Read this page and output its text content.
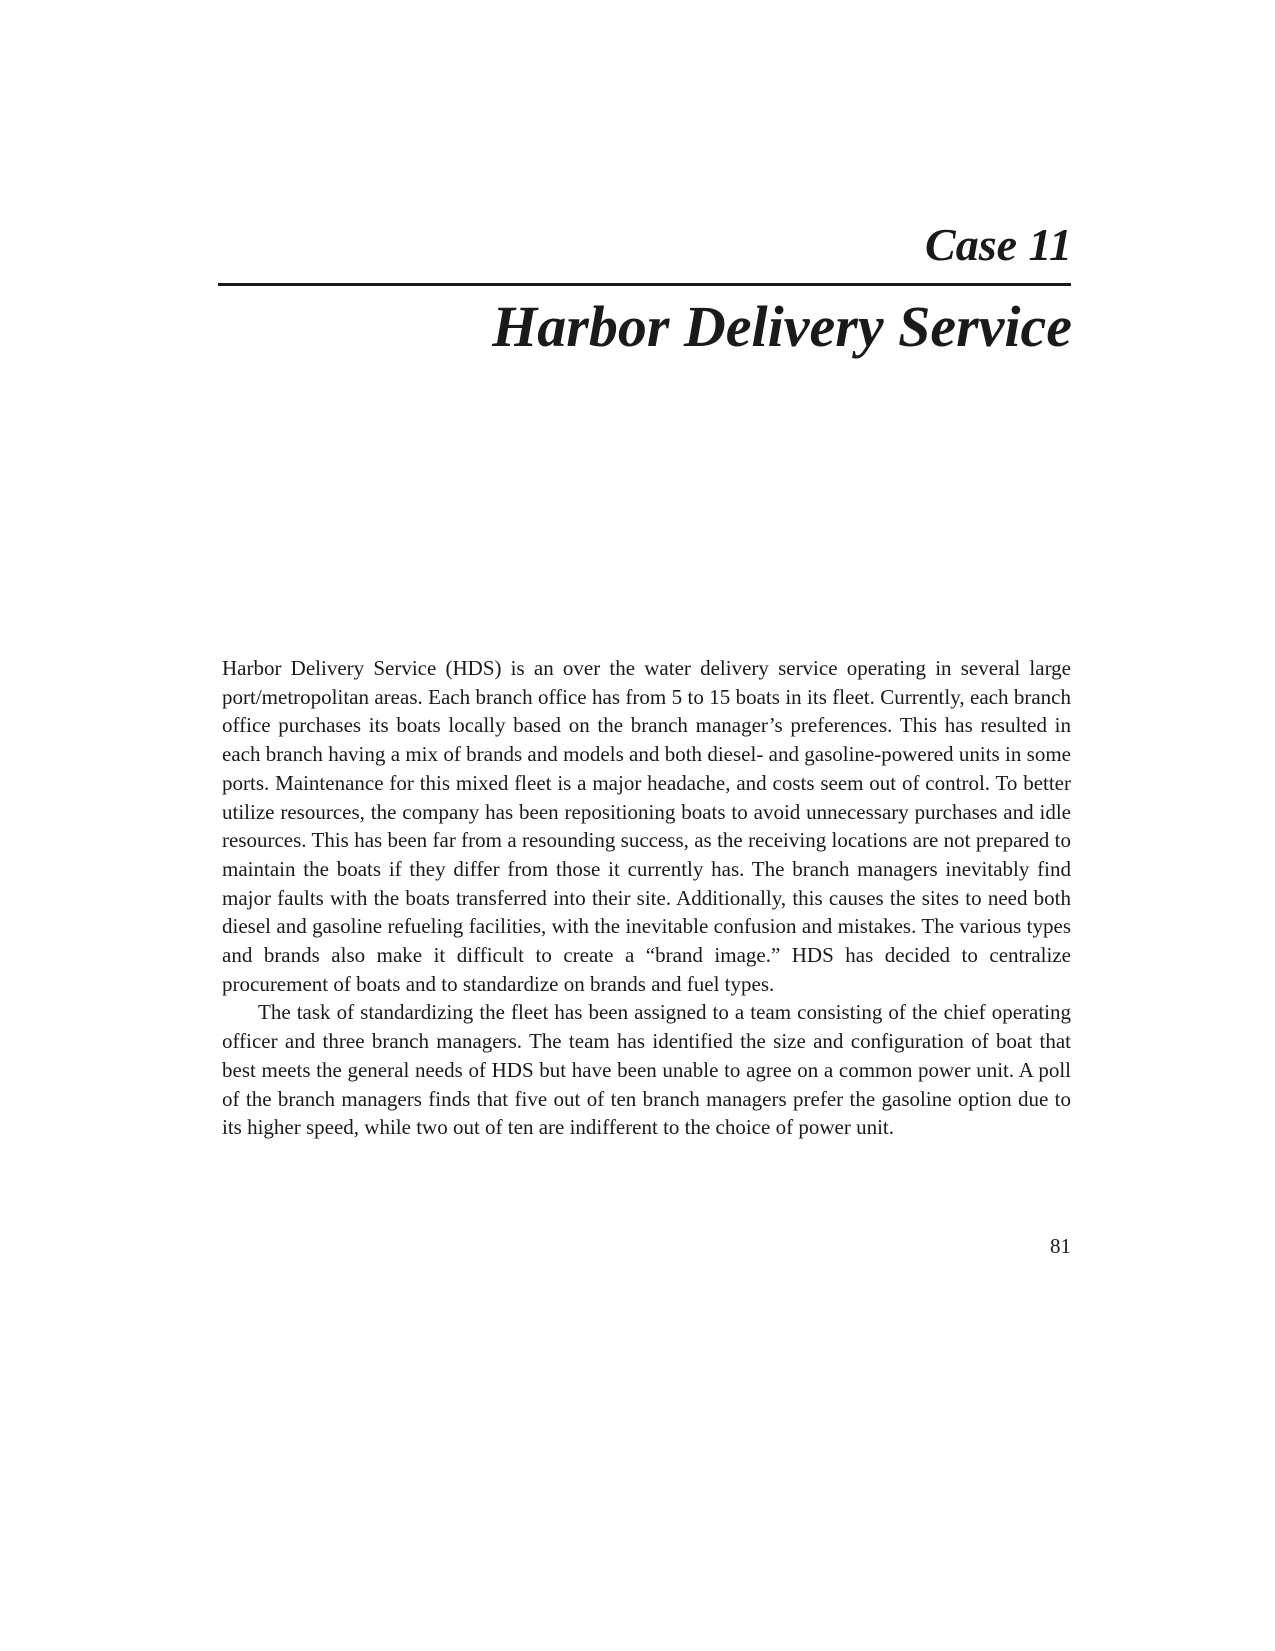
Case 11
Harbor Delivery Service

Harbor Delivery Service (HDS) is an over the water delivery service operating in several large port/metropolitan areas. Each branch office has from 5 to 15 boats in its fleet. Currently, each branch office purchases its boats locally based on the branch manager’s preferences. This has resulted in each branch having a mix of brands and models and both diesel- and gasoline-powered units in some ports. Maintenance for this mixed fleet is a major headache, and costs seem out of control. To better utilize resources, the company has been repositioning boats to avoid unnecessary purchases and idle resources. This has been far from a resounding success, as the receiving locations are not prepared to maintain the boats if they differ from those it currently has. The branch managers inevitably find major faults with the boats transferred into their site. Additionally, this causes the sites to need both diesel and gasoline refueling facilities, with the inevitable confusion and mistakes. The various types and brands also make it difficult to create a “brand image.” HDS has decided to centralize procurement of boats and to standardize on brands and fuel types.

The task of standardizing the fleet has been assigned to a team consisting of the chief operating officer and three branch managers. The team has identified the size and configuration of boat that best meets the general needs of HDS but have been unable to agree on a common power unit. A poll of the branch managers finds that five out of ten branch managers prefer the gasoline option due to its higher speed, while two out of ten are indifferent to the choice of power unit.

81
